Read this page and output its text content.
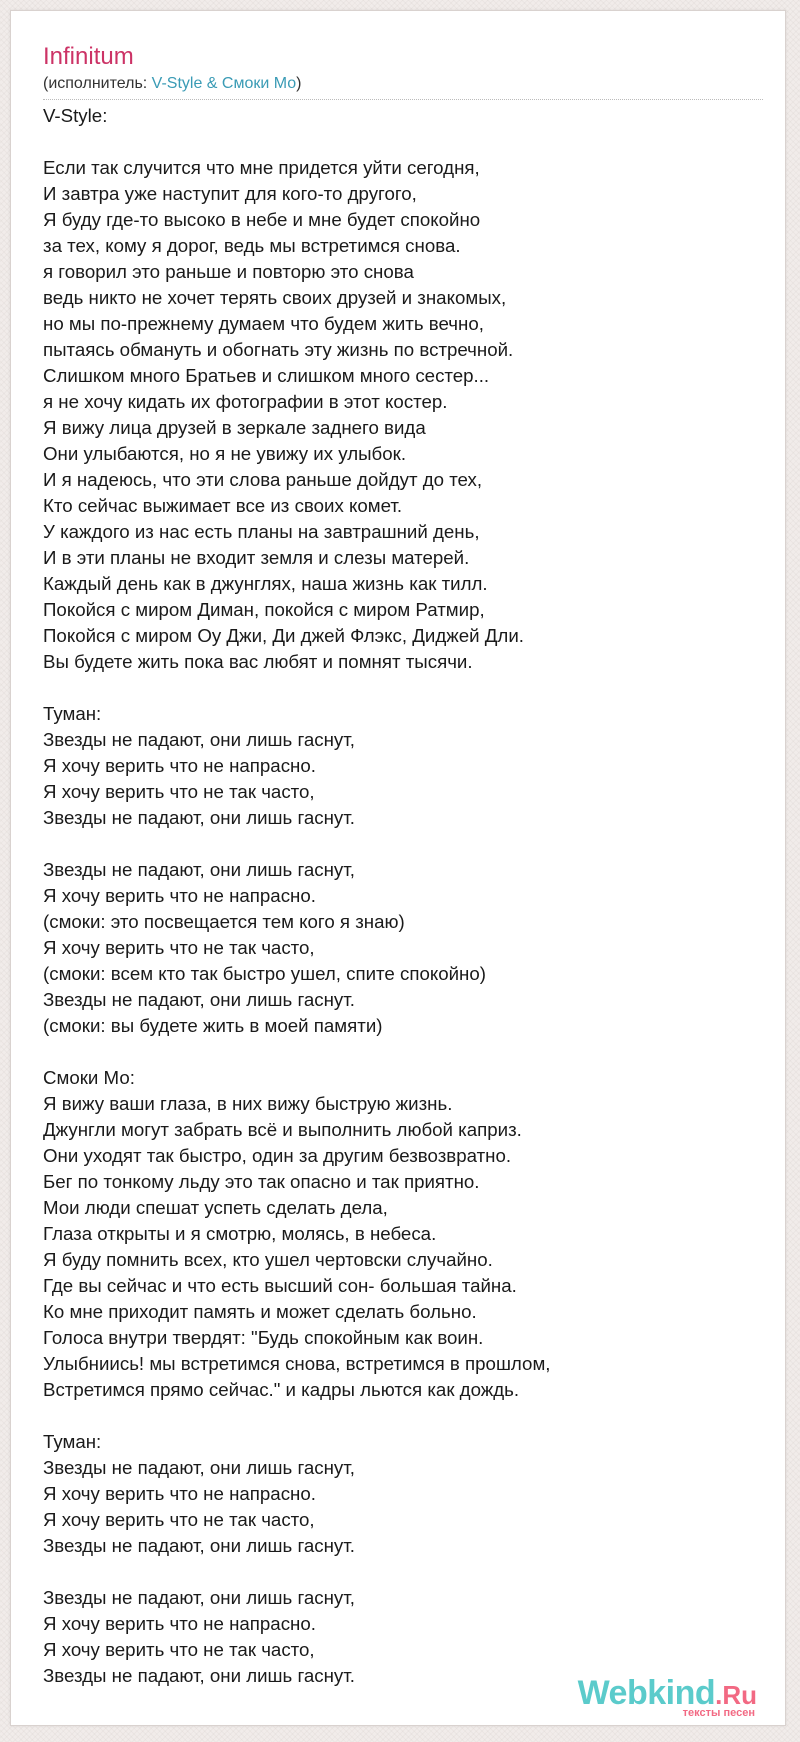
Infinitum
(исполнитель: V-Style & Смоки Мо)
V-Style:
Если так случится что мне придется уйти сегодня,
И завтра уже наступит для кого-то другого,
Я буду где-то высоко в небе и мне будет спокойно
за тех, кому я дорог, ведь мы встретимся снова.
я говорил это раньше и повторю это снова
ведь никто не хочет терять своих друзей и знакомых,
но мы по-прежнему думаем что будем жить вечно,
пытаясь обмануть и обогнать эту жизнь по встречной.
Слишком много Братьев и слишком много сестер...
я не хочу кидать их фотографии в этот костер.
Я вижу лица друзей в зеркале заднего вида
Они улыбаются, но я не увижу их улыбок.
И я надеюсь, что эти слова раньше дойдут до тех,
Кто сейчас выжимает все из своих комет.
У каждого из нас есть планы на завтрашний день,
И в эти планы не входит земля и слезы матерей.
Каждый день как в джунглях, наша жизнь как тилл.
Покойся с миром Диман, покойся с миром Ратмир,
Покойся с миром Оу Джи, Ди джей Флэкс, Диджей Дли.
Вы будете жить пока вас любят и помнят тысячи.
Туман:
Звезды не падают, они лишь гаснут,
Я хочу верить что не напрасно.
Я хочу верить что не так часто,
Звезды не падают, они лишь гаснут.
Звезды не падают, они лишь гаснут,
Я хочу верить что не напрасно.
(смоки: это посвещается тем кого я знаю)
Я хочу верить что не так часто,
(смоки: всем кто так быстро ушел, спите спокойно)
Звезды не падают, они лишь гаснут.
(смоки: вы будете жить в моей памяти)
Смоки Мо:
Я вижу ваши глаза, в них вижу быструю жизнь.
Джунгли могут забрать всё и выполнить любой каприз.
Они уходят так быстро, один за другим безвозвратно.
Бег по тонкому льду это так опасно и так приятно.
Мои люди спешат успеть сделать дела,
Глаза открыты и я смотрю, молясь, в небеса.
Я буду помнить всех, кто ушел чертовски случайно.
Где вы сейчас и что есть высший сон- большая тайна.
Ко мне приходит память и может сделать больно.
Голоса внутри твердят: "Будь спокойным как воин.
Улыбниись! мы встретимся снова, встретимся в прошлом,
Встретимся прямо сейчас." и кадры льются как дождь.
Туман:
Звезды не падают, они лишь гаснут,
Я хочу верить что не напрасно.
Я хочу верить что не так часто,
Звезды не падают, они лишь гаснут.
Звезды не падают, они лишь гаснут,
Я хочу верить что не напрасно.
Я хочу верить что не так часто,
Звезды не падают, они лишь гаснут.	Webkind.Ru
тексты песен
